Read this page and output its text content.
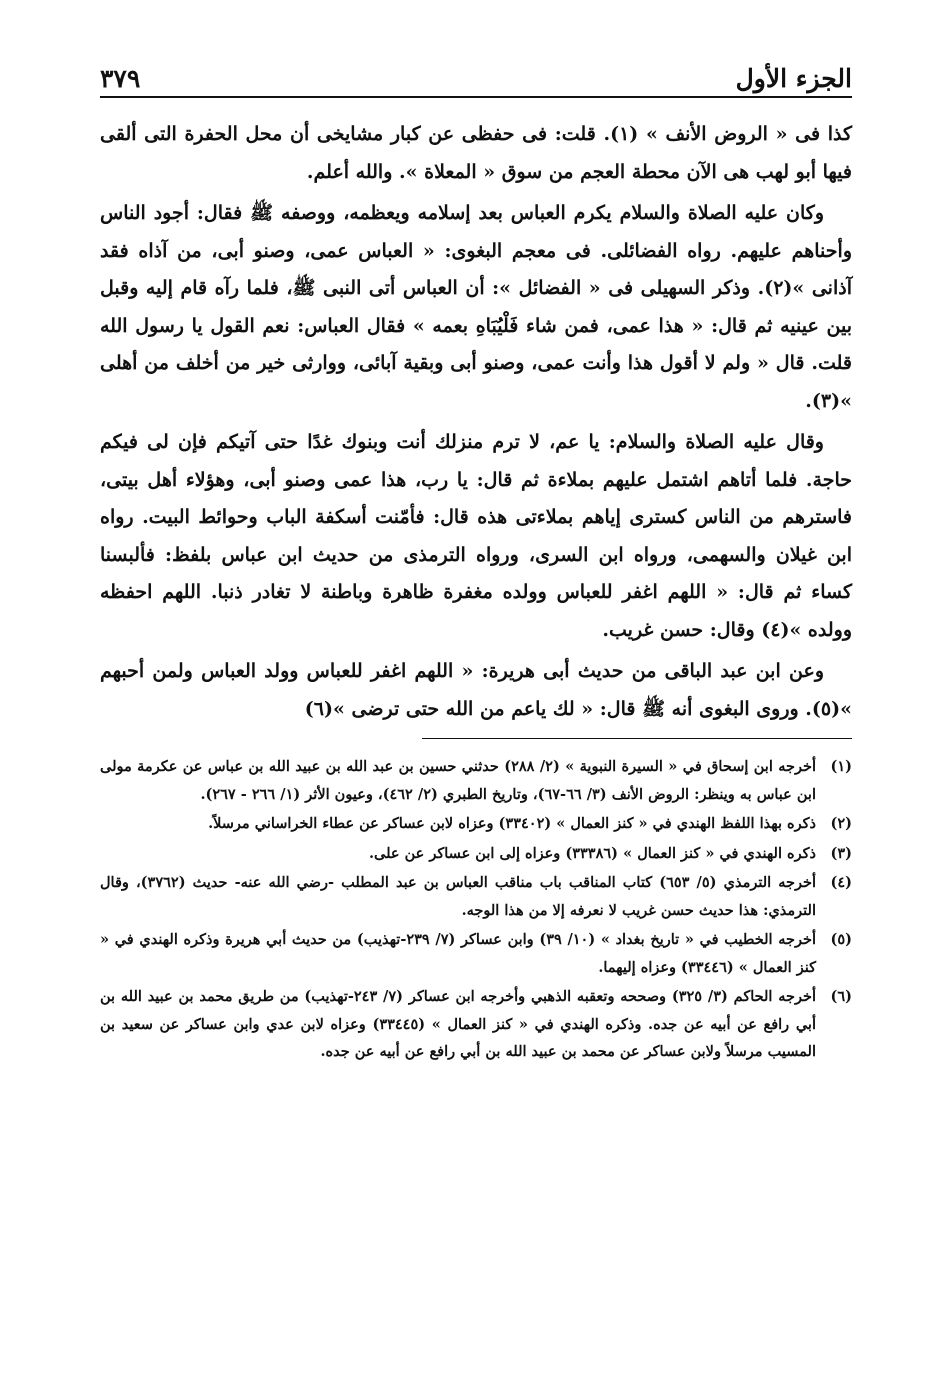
الجزء الأول
٣٧٩

كذا فى « الروض الأنف » (١). قلت: فى حفظى عن كبار مشايخى أن محل الحفرة التى ألقى فيها أبو لهب هى الآن محطة العجم من سوق « المعلاة ». والله أعلم.

وكان عليه الصلاة والسلام يكرم العباس بعد إسلامه ويعظمه، ووصفه ﷺ فقال: أجود الناس وأحناهم عليهم. رواه الفضائلى. فى معجم البغوى: « العباس عمى، وصنو أبى، من آذاه فقد آذانى »(٢). وذكر السهيلى فى « الفضائل »: أن العباس أتى النبى ﷺ، فلما رآه قام إليه وقبل بين عينيه ثم قال: « هذا عمى، فمن شاء فَلْيُبَاهِ بعمه » فقال العباس: نعم القول يا رسول الله قلت. قال « ولم لا أقول هذا وأنت عمى، وصنو أبى وبقية آبائى، ووارثى خير من أخلف من أهلى »(٣).

وقال عليه الصلاة والسلام: يا عم، لا ترم منزلك أنت وبنوك غدًا حتى آتيكم فإن لى فيكم حاجة. فلما أتاهم اشتمل عليهم بملاءة ثم قال: يا رب، هذا عمى وصنو أبى، وهؤلاء أهل بيتى، فاسترهم من الناس كسترى إياهم بملاءتى هذه قال: فأمّنت أسكفة الباب وحوائط البيت. رواه ابن غيلان والسهمى، ورواه ابن السرى، ورواه الترمذى من حديث ابن عباس بلفظ: فألبسنا كساء ثم قال: « اللهم اغفر للعباس وولده مغفرة ظاهرة وباطنة لا تغادر ذنبا. اللهم احفظه وولده »(٤) وقال: حسن غريب.

وعن ابن عبد الباقى من حديث أبى هريرة: « اللهم اغفر للعباس وولد العباس ولمن أحبهم »(٥). وروى البغوى أنه ﷺ قال: « لك ياعم من الله حتى ترضى »(٦)

(١)
أخرجه ابن إسحاق في « السيرة النبوية » (٢/ ٢٨٨) حدثني حسين بن عبد الله بن عبيد الله بن عباس عن عكرمة مولى ابن عباس به وينظر: الروض الأنف (٣/ ٦٦-٦٧)، وتاريخ الطبري (٢/ ٤٦٢)، وعيون الأثر (١/ ٢٦٦ - ٢٦٧).
(٢)
ذكره بهذا اللفظ الهندي في « كنز العمال » (٣٣٤٠٢) وعزاه لابن عساكر عن عطاء الخراساني مرسلاً.
(٣)
ذكره الهندي في « كنز العمال » (٣٣٣٨٦) وعزاه إلى ابن عساكر عن على.
(٤)
أخرجه الترمذي (٥/ ٦٥٣) كتاب المناقب باب مناقب العباس بن عبد المطلب -رضي الله عنه- حديث (٣٧٦٢)، وقال الترمذي: هذا حديث حسن غريب لا نعرفه إلا من هذا الوجه.
(٥)
أخرجه الخطيب في « تاريخ بغداد » (١٠/ ٣٩) وابن عساكر (٧/ ٢٣٩-تهذيب) من حديث أبي هريرة وذكره الهندي في « كنز العمال » (٣٣٤٤٦) وعزاه إليهما.
(٦)
أخرجه الحاكم (٣/ ٣٢٥) وصححه وتعقبه الذهبي وأخرجه ابن عساكر (٧/ ٢٤٣-تهذيب) من طريق محمد بن عبيد الله بن أبي رافع عن أبيه عن جده. وذكره الهندي في « كنز العمال » (٣٣٤٤٥) وعزاه لابن عدي وابن عساكر عن سعيد بن المسيب مرسلاً ولابن عساكر عن محمد بن عبيد الله بن أبي رافع عن أبيه عن جده.
